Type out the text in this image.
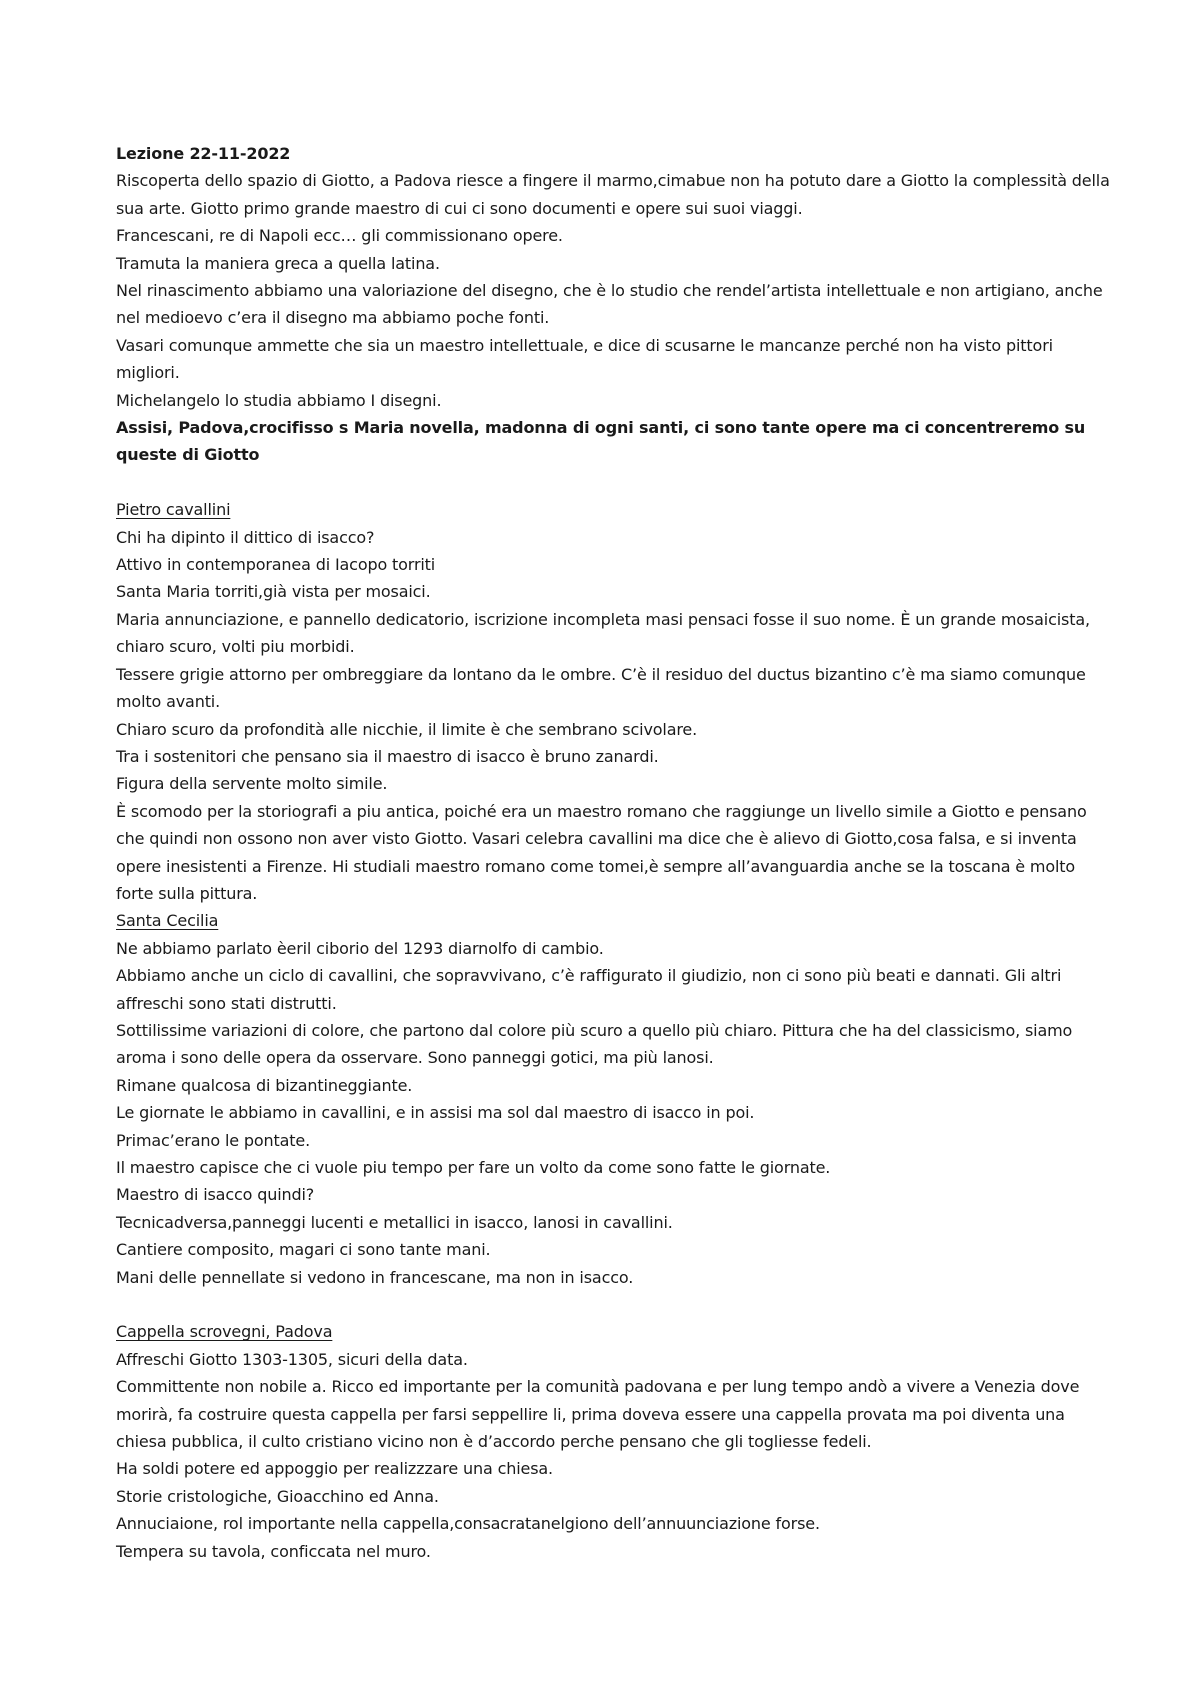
Lezione 22-11-2022

Riscoperta dello spazio di Giotto, a Padova riesce a fingere il marmo,cimabue non ha potuto dare a Giotto la complessità della sua arte. Giotto primo grande maestro di cui ci sono documenti e opere sui suoi viaggi.

Francescani, re di Napoli ecc… gli commissionano opere.

Tramuta la maniera greca a quella latina.

Nel rinascimento abbiamo una valoriazione del disegno, che è lo studio che rendel’artista intellettuale e non artigiano, anche nel medioevo c’era il disegno ma abbiamo poche fonti.

Vasari comunque ammette che sia un maestro intellettuale, e dice di scusarne le mancanze perché non ha visto pittori migliori.

Michelangelo lo studia abbiamo I disegni.

Assisi, Padova,crocifisso s Maria novella, madonna di ogni santi, ci sono tante opere ma ci concentreremo su queste di Giotto

Pietro cavallini

Chi ha dipinto il dittico di isacco?

Attivo in contemporanea di Iacopo torriti

Santa Maria torriti,già vista per mosaici.

Maria annunciazione, e pannello dedicatorio, iscrizione incompleta masi pensaci fosse il suo nome. È un grande mosaicista, chiaro scuro, volti piu morbidi.

Tessere grigie attorno per ombreggiare da lontano da le ombre. C’è il residuo del ductus bizantino c’è ma siamo comunque molto avanti.

Chiaro scuro da profondità alle nicchie, il limite è che sembrano scivolare.

Tra i sostenitori che pensano sia il maestro di isacco è bruno zanardi.

Figura della servente molto simile.

È scomodo per la storiografi a piu antica, poiché era un maestro romano che raggiunge un livello simile a Giotto e pensano che quindi non ossono non aver visto Giotto. Vasari celebra cavallini ma dice che è alievo di Giotto,cosa falsa, e si inventa opere inesistenti a Firenze. Hi studiali maestro romano come tomei,è sempre all’avanguardia anche se la toscana è molto forte sulla pittura.

Santa Cecilia

Ne abbiamo parlato èeril ciborio del 1293 diarnolfo di cambio.

Abbiamo anche un ciclo di cavallini, che sopravvivano, c’è raffigurato il giudizio, non ci sono più beati e dannati. Gli altri affreschi sono stati distrutti.

Sottilissime variazioni di colore, che partono dal colore più scuro a quello più chiaro. Pittura che ha del classicismo, siamo aroma i sono delle opera da osservare. Sono panneggi gotici, ma più lanosi.

Rimane qualcosa di bizantineggiante.

Le giornate le abbiamo in cavallini, e in assisi ma sol dal maestro di isacco in poi.

Primac’erano le pontate.

Il maestro capisce che ci vuole piu tempo per fare un volto da come sono fatte le giornate.

Maestro di isacco quindi?

Tecnicadversa,panneggi lucenti e metallici in isacco, lanosi in cavallini.

Cantiere composito, magari ci sono tante mani.

Mani delle pennellate si vedono in francescane, ma non in isacco.

Cappella scrovegni, Padova

Affreschi Giotto 1303-1305, sicuri della data.

Committente non nobile a. Ricco ed importante per la comunità padovana e per lung tempo andò a vivere a Venezia dove morirà, fa costruire questa cappella per farsi seppellire li, prima doveva essere una cappella provata ma poi diventa una chiesa pubblica, il culto cristiano vicino non è d’accordo perche pensano che gli togliesse fedeli.

Ha soldi potere ed appoggio per realizzzare una chiesa.

Storie cristologiche, Gioacchino ed Anna.

Annuciaione, rol importante nella cappella,consacratanelgiono dell’annuunciazione forse.

Tempera su tavola, conficcata nel muro.
